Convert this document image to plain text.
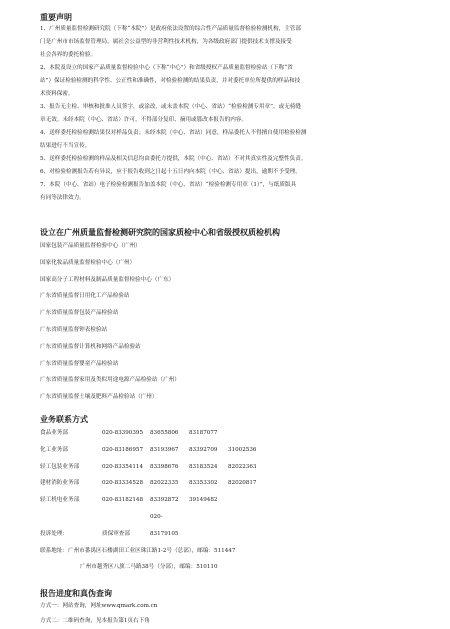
重要声明

1、广州质量监督检测研究院（下称“本院”）是政府依法设置的综合性产品质量监督检验检测机构，主管部

门是广州市市场监督管理局，属社会公益型的非营利性技术机构，为各级政府部门提供技术支撑及接受

社会各界的委托检验。

2、本院及设立的国家产品质量监督检验中心（下称“中心”）和省级授权产品质量监督检验站（下称“省

站”）保证检验检测的科学性、公正性和准确性，对检验检测的结果负责，并对委托单位所提供的样品和技

术资料保密。

3、报告无主检、审核和批准人员签字，或涂改，或未盖本院（中心、省站）“检验检测专用章”，或无骑缝

章无效。未经本院（中心、省站）许可，不得部分复印、摘用或篡改本报告的内容。

4、送样委托检验检测结果仅对样品负责；未经本院（中心、省站）同意，样品委托人不得擅自使用检验检测

结果进行不当宣传。

5、送样委托检验检测的样品及相关信息均由委托方提供，本院（中心、省站）不对其真实性及完整性负责。

6、对检验检测报告若有异议，应于报告收到之日起十五日内向本院（中心、省站）提出，逾期不予受理。

7、本院（中心、省站）电子检验检测报告加盖本院（中心、省站）“检验检测专用章（1）”，与纸质版具

有同等法律效力。

设立在广州质量监督检测研究院的国家质检中心和省级授权质检机构

国家包装产品质量监督检验中心（广州）

国家化妆品质量监督检验中心（广州）

国家高分子工程材料及制品质量监督检验中心（广东）

广东省质量监督日用化工产品检验站

广东省质量监督包装产品检验站

广东省质量监督钟表检验站

广东省质量监督计算机和网络产品检验站

广东省质量监督婴童产品检验站

广东省质量监督家用及类似用途电源产品检验站（广州）

广东省质量监督土壤及肥料产品检验站（广州）

业务联系方式

食品业务部	020-83390395 83655806 83187077

化工业务部	020-83186957 83193967 83392709 31002536

轻工包装业务部	020-83354114 83398676 83183524 82022363

建材消防业务部	020-83334528 82022335 83353302 82020817

轻工机电业务部	020-83182148 83392872 39149482

投诉处理：	质保审查部020-83179105

联系地址：广州市番禺区石楼湖田工业区珠江路1-2号（总部），邮编：511447

广州市越秀区八旗二马路38号（分部），邮编：510110

报告进度和真伪查询

方式一：网站查询，网址www.qmark.com.cn

方式二：二维码查询，见本报告第1页右下角
